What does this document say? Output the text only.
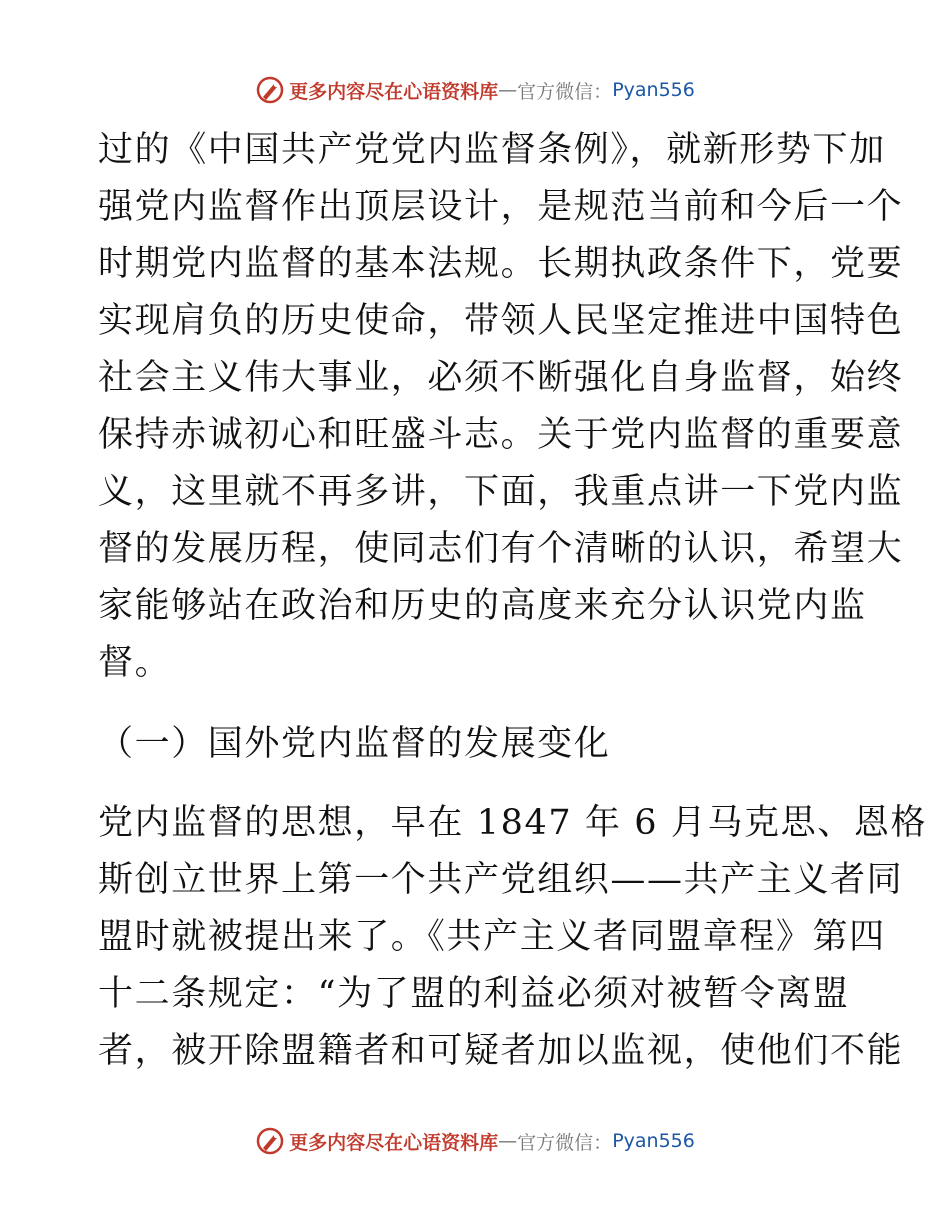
更多内容尽在心语资料库 — 官方微信： Pyan556
过的《中国共产党党内监督条例》，就新形势下加
强党内监督作出顶层设计，是规范当前和今后一个
时期党内监督的基本法规。长期执政条件下，党要
实现肩负的历史使命，带领人民坚定推进中国特色
社会主义伟大事业，必须不断强化自身监督，始终
保持赤诚初心和旺盛斗志。关于党内监督的重要意
义，这里就不再多讲，下面，我重点讲一下党内监
督的发展历程，使同志们有个清晰的认识，希望大
家能够站在政治和历史的高度来充分认识党内监
督。
（一）国外党内监督的发展变化
党内监督的思想，早在 1847 年 6 月马克思、恩格
斯创立世界上第一个共产党组织——共产主义者同
盟时就被提出来了。《共产主义者同盟章程》第四
十二条规定：“为了盟的利益必须对被暂令离盟
者，被开除盟籍者和可疑者加以监视，使他们不能
更多内容尽在心语资料库 — 官方微信： Pyan556
